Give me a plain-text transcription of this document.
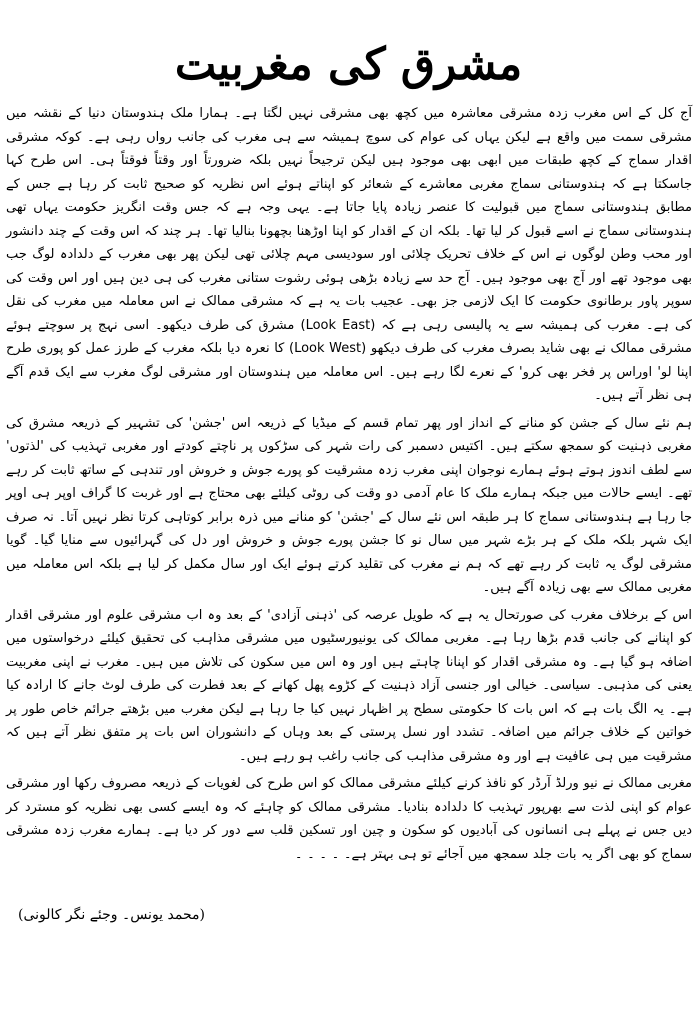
مشرق کی مغربیت

آج کل کے اس مغرب زدہ مشرقی معاشرہ میں کچھ بھی مشرقی نہیں لگتا ہے۔ ہمارا ملک ہندوستان دنیا کے نقشہ میں مشرقی سمت میں واقع ہے لیکن یہاں کی عوام کی سوچ ہمیشہ سے ہی مغرب کی جانب رواں رہی ہے۔ کوکہ مشرقی اقدار سماج کے کچھ طبقات میں ابھی بھی موجود ہیں لیکن ترجیحاً نہیں بلکہ ضرورتاً اور وقتاً فوقتاً ہی۔ اس طرح کہا جاسکتا ہے کہ ہندوستانی سماج مغربی معاشرے کے شعائر کو اپناتے ہوئے اس نظریہ کو صحیح ثابت کر رہا ہے جس کے مطابق ہندوستانی سماج میں قبولیت کا عنصر زیادہ پایا جاتا ہے۔ یہی وجہ ہے کہ جس وقت انگریز حکومت یہاں تھی ہندوستانی سماج نے اسے قبول کر لیا تھا۔ بلکہ ان کے اقدار کو اپنا اوڑھنا بچھونا بنالیا تھا۔ ہر چند کہ اس وقت کے چند دانشور اور محب وطن لوگوں نے اس کے خلاف تحریک چلائی اور سودیسی مہم چلائی تھی لیکن پھر بھی مغرب کے دلدادہ لوگ جب بھی موجود تھے اور آج بھی موجود ہیں۔ آج حد سے زیادہ بڑھی ہوئی رشوت ستانی مغرب کی ہی دین ہیں اور اس وقت کی سوپر پاور برطانوی حکومت کا ایک لازمی جز بھی۔ عجیب بات یہ ہے کہ مشرقی ممالک نے اس معاملہ میں مغرب کی نقل کی ہے۔ مغرب کی ہمیشہ سے یہ پالیسی رہی ہے کہ (Look East) مشرق کی طرف دیکھو۔ اسی نہج پر سوچتے ہوئے مشرقی ممالک نے بھی شاید بصرف مغرب کی طرف دیکھو (Look West) کا نعرہ دیا بلکہ مغرب کے طرز عمل کو پوری طرح اپنا لو' اوراس پر فخر بھی کرو' کے نعرے لگا رہے ہیں۔ اس معاملہ میں ہندوستان اور مشرقی لوگ مغرب سے ایک قدم آگے ہی نظر آتے ہیں۔

ہم نئے سال کے جشن کو منانے کے انداز اور پھر تمام قسم کے میڈیا کے ذریعہ اس 'جشن' کی تشہیر کے ذریعہ مشرق کی مغربی ذہنیت کو سمجھ سکتے ہیں۔ اکتیس دسمبر کی رات شہر کی سڑکوں پر ناچتے کودتے اور مغربی تہذیب کی 'لذتوں' سے لطف اندوز ہوتے ہوئے ہمارے نوجوان اپنی مغرب زدہ مشرقیت کو پورے جوش و خروش اور تندہی کے ساتھ ثابت کر رہے تھے۔ ایسے حالات میں جبکہ ہمارے ملک کا عام آدمی دو وقت کی روٹی کیلئے بھی محتاج ہے اور غربت کا گراف اوپر ہی اوپر جا رہا ہے ہندوستانی سماج کا ہر طبقہ اس نئے سال کے 'جشن' کو منانے میں ذرہ برابر کوتاہی کرتا نظر نہیں آتا۔ نہ صرف ایک شہر بلکہ ملک کے ہر بڑے شہر میں سال نو کا جشن پورے جوش و خروش اور دل کی گہرائیوں سے منایا گیا۔ گویا مشرقی لوگ یہ ثابت کر رہے تھے کہ ہم نے مغرب کی تقلید کرتے ہوئے ایک اور سال مکمل کر لیا ہے بلکہ اس معاملہ میں مغربی ممالک سے بھی زیادہ آگے ہیں۔

اس کے برخلاف مغرب کی صورتحال یہ ہے کہ طویل عرصہ کی 'ذہنی آزادی' کے بعد وہ اب مشرقی علوم اور مشرقی اقدار کو اپنانے کی جانب قدم بڑھا رہا ہے۔ مغربی ممالک کی یونیورسٹیوں میں مشرقی مذاہب کی تحقیق کیلئے درخواستوں میں اضافہ ہو گیا ہے۔ وہ مشرقی اقدار کو اپنانا چاہتے ہیں اور وہ اس میں سکون کی تلاش میں ہیں۔ مغرب نے اپنی مغربیت یعنی کی مذہبی۔ سیاسی۔ خیالی اور جنسی آزاد ذہنیت کے کڑوے پھل کھانے کے بعد فطرت کی طرف لوٹ جانے کا ارادہ کیا ہے۔ یہ الگ بات ہے کہ اس بات کا حکومتی سطح پر اظہار نہیں کیا جا رہا ہے لیکن مغرب میں بڑھتے جرائم خاص طور پر خواتین کے خلاف جرائم میں اضافہ۔ تشدد اور نسل پرستی کے بعد وہاں کے دانشوران اس بات پر متفق نظر آتے ہیں کہ مشرقیت میں ہی عافیت ہے اور وہ مشرقی مذاہب کی جانب راغب ہو رہے ہیں۔

مغربی ممالک نے نیو ورلڈ آرڈر کو نافذ کرنے کیلئے مشرقی ممالک کو اس طرح کی لغویات کے ذریعہ مصروف رکھا اور مشرقی عوام کو اپنی لذت سے بھرپور تہذیب کا دلدادہ بنادیا۔ مشرقی ممالک کو چاہئے کہ وہ ایسے کسی بھی نظریہ کو مسترد کر دیں جس نے پہلے ہی انسانوں کی آبادیوں کو سکون و چین اور تسکین قلب سے دور کر دیا ہے۔ ہمارے مغرب زدہ مشرقی سماج کو بھی اگر یہ بات جلد سمجھ میں آجائے تو ہی بہتر ہے۔ ۔ ۔ ۔ ۔

(محمد یونس۔ وجئے نگر کالونی)
